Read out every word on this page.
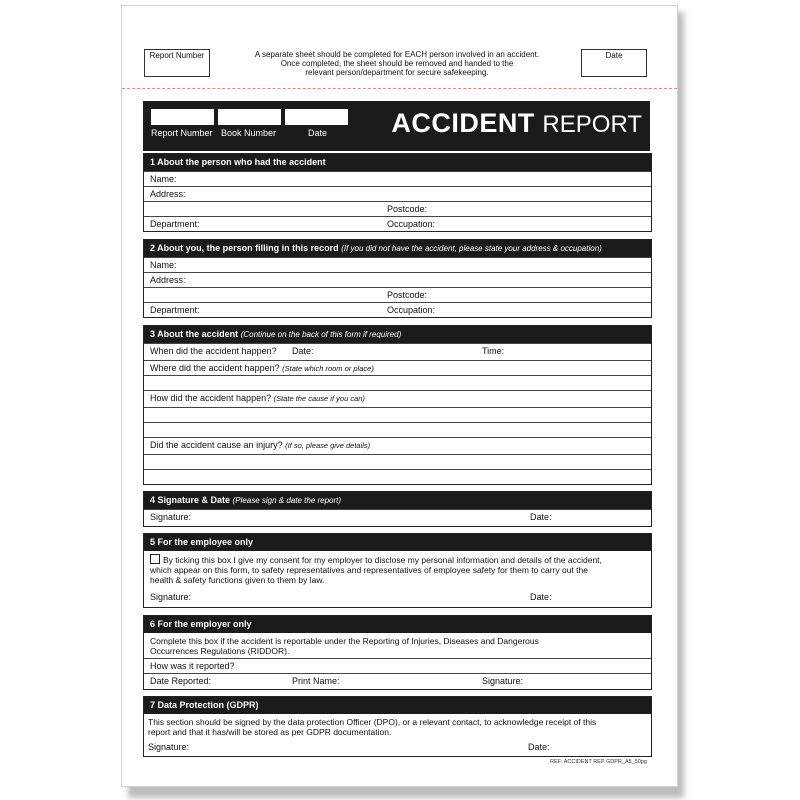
Report Number	A separate sheet should be completed for EACH person involved in an accident.
Once completed, the sheet should be removed and handed to the
relevant person/department for secure safekeeping.
Date
Report Number Book Number	Date ACCIDENT REPORT
1 About the person who had the accident
Name:
Address:
Postcode:
Department:	Occupation:
2 About you, the person filling in this record (If you did not have the accident, please state your address & occupation)
Name:
Address:
Postcode:
Department:	Occupation:
3 About the accident (Continue on the back of this form if required)
When did the accident happen? Date:	Time:
Where did the accident happen? (State which room or place)
How did the accident happen? (State the cause if you can)
Did the accident cause an injury? (If so, please give details)
4 Signature & Date (Please sign & date the report)
Signature:	Date:
5 For the employee only
By ticking this box I give my consent for my employer to disclose my personal information and details of the accident,
which appear on this form, to safety representatives and representatives of employee safety for them to carry out the
health & safety functions given to them by law.
Signature:	Date:
6 For the employer only
Complete this box if the accident is reportable under the Reporting of Injuries, Diseases and Dangerous
Occurrences Regulations (RIDDOR).
How was it reported?
Date Reported:	Print Name:	Signature:
7 Data Protection (GDPR)
This section should be signed by the data protection Officer (DPO), or a relevant contact, to acknowledge receipt of this
report and that it has/will be stored as per GDPR documentation.
Signature:	Date:
REF: ACCIDENT REP GDPR_A5_50pg
